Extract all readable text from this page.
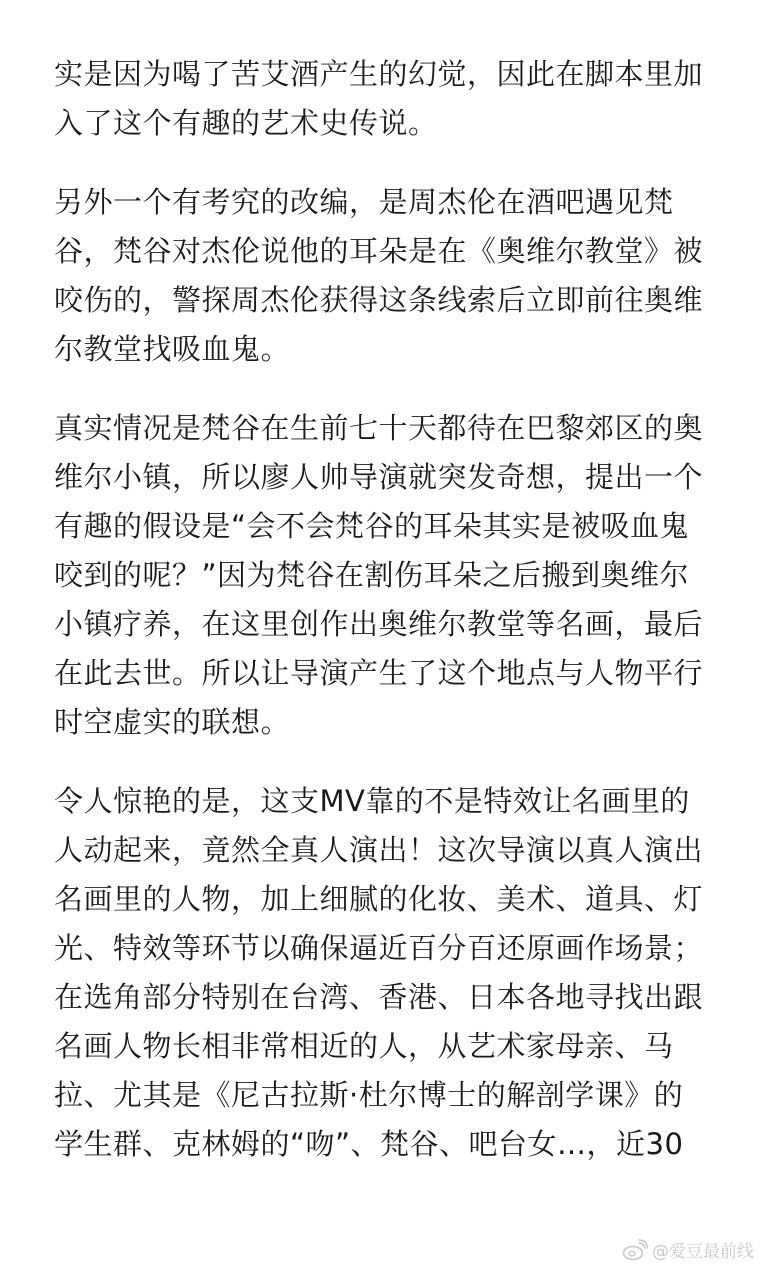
实是因为喝了苦艾酒产生的幻觉，因此在脚本里加
入了这个有趣的艺术史传说。
另外一个有考究的改编，是周杰伦在酒吧遇见梵
谷，梵谷对杰伦说他的耳朵是在《奥维尔教堂》被
咬伤的，警探周杰伦获得这条线索后立即前往奥维
尔教堂找吸血鬼。
真实情况是梵谷在生前七十天都待在巴黎郊区的奥
维尔小镇，所以廖人帅导演就突发奇想，提出一个
有趣的假设是“会不会梵谷的耳朵其实是被吸血鬼
咬到的呢？”因为梵谷在割伤耳朵之后搬到奥维尔
小镇疗养，在这里创作出奥维尔教堂等名画，最后
在此去世。所以让导演产生了这个地点与人物平行
时空虚实的联想。
令人惊艳的是，这支MV靠的不是特效让名画里的
人动起来，竟然全真人演出！这次导演以真人演出
名画里的人物，加上细腻的化妆、美术、道具、灯
光、特效等环节以确保逼近百分百还原画作场景；
在选角部分特别在台湾、香港、日本各地寻找出跟
名画人物长相非常相近的人，从艺术家母亲、马
拉、尤其是《尼古拉斯·杜尔博士的解剖学课》的
学生群、克林姆的“吻”、梵谷、吧台女…，近30
@爱豆最前线
